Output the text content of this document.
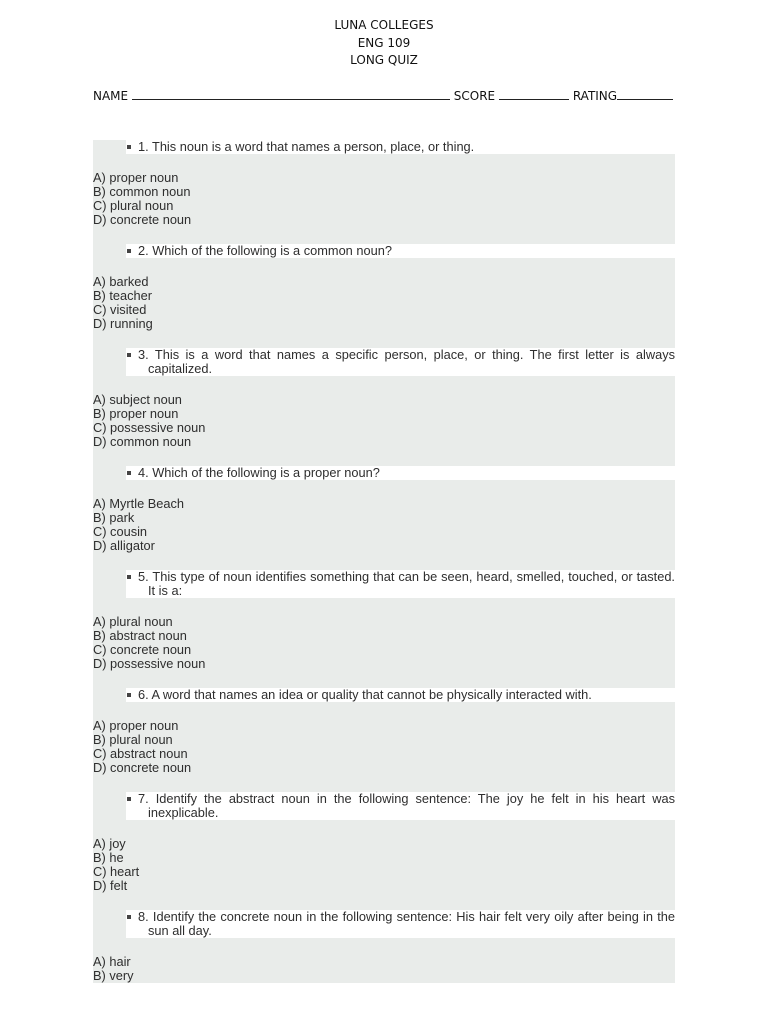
LUNA COLLEGES
ENG 109
LONG QUIZ
NAME	SCORE	RATING
1. This noun is a word that names a person, place, or thing.
A) proper noun
B) common noun
C) plural noun
D) concrete noun
2. Which of the following is a common noun?
A) barked
B) teacher
C) visited
D) running
3. This is a word that names a specific person, place, or thing. The first letter is always capitalized.
A) subject noun
B) proper noun
C) possessive noun
D) common noun
4. Which of the following is a proper noun?
A) Myrtle Beach
B) park
C) cousin
D) alligator
5. This type of noun identifies something that can be seen, heard, smelled, touched, or tasted. It is a:
A) plural noun
B) abstract noun
C) concrete noun
D) possessive noun
6. A word that names an idea or quality that cannot be physically interacted with.
A) proper noun
B) plural noun
C) abstract noun
D) concrete noun
7. Identify the abstract noun in the following sentence: The joy he felt in his heart was inexplicable.
A) joy
B) he
C) heart
D) felt
8. Identify the concrete noun in the following sentence: His hair felt very oily after being in the sun all day.
A) hair
B) very
